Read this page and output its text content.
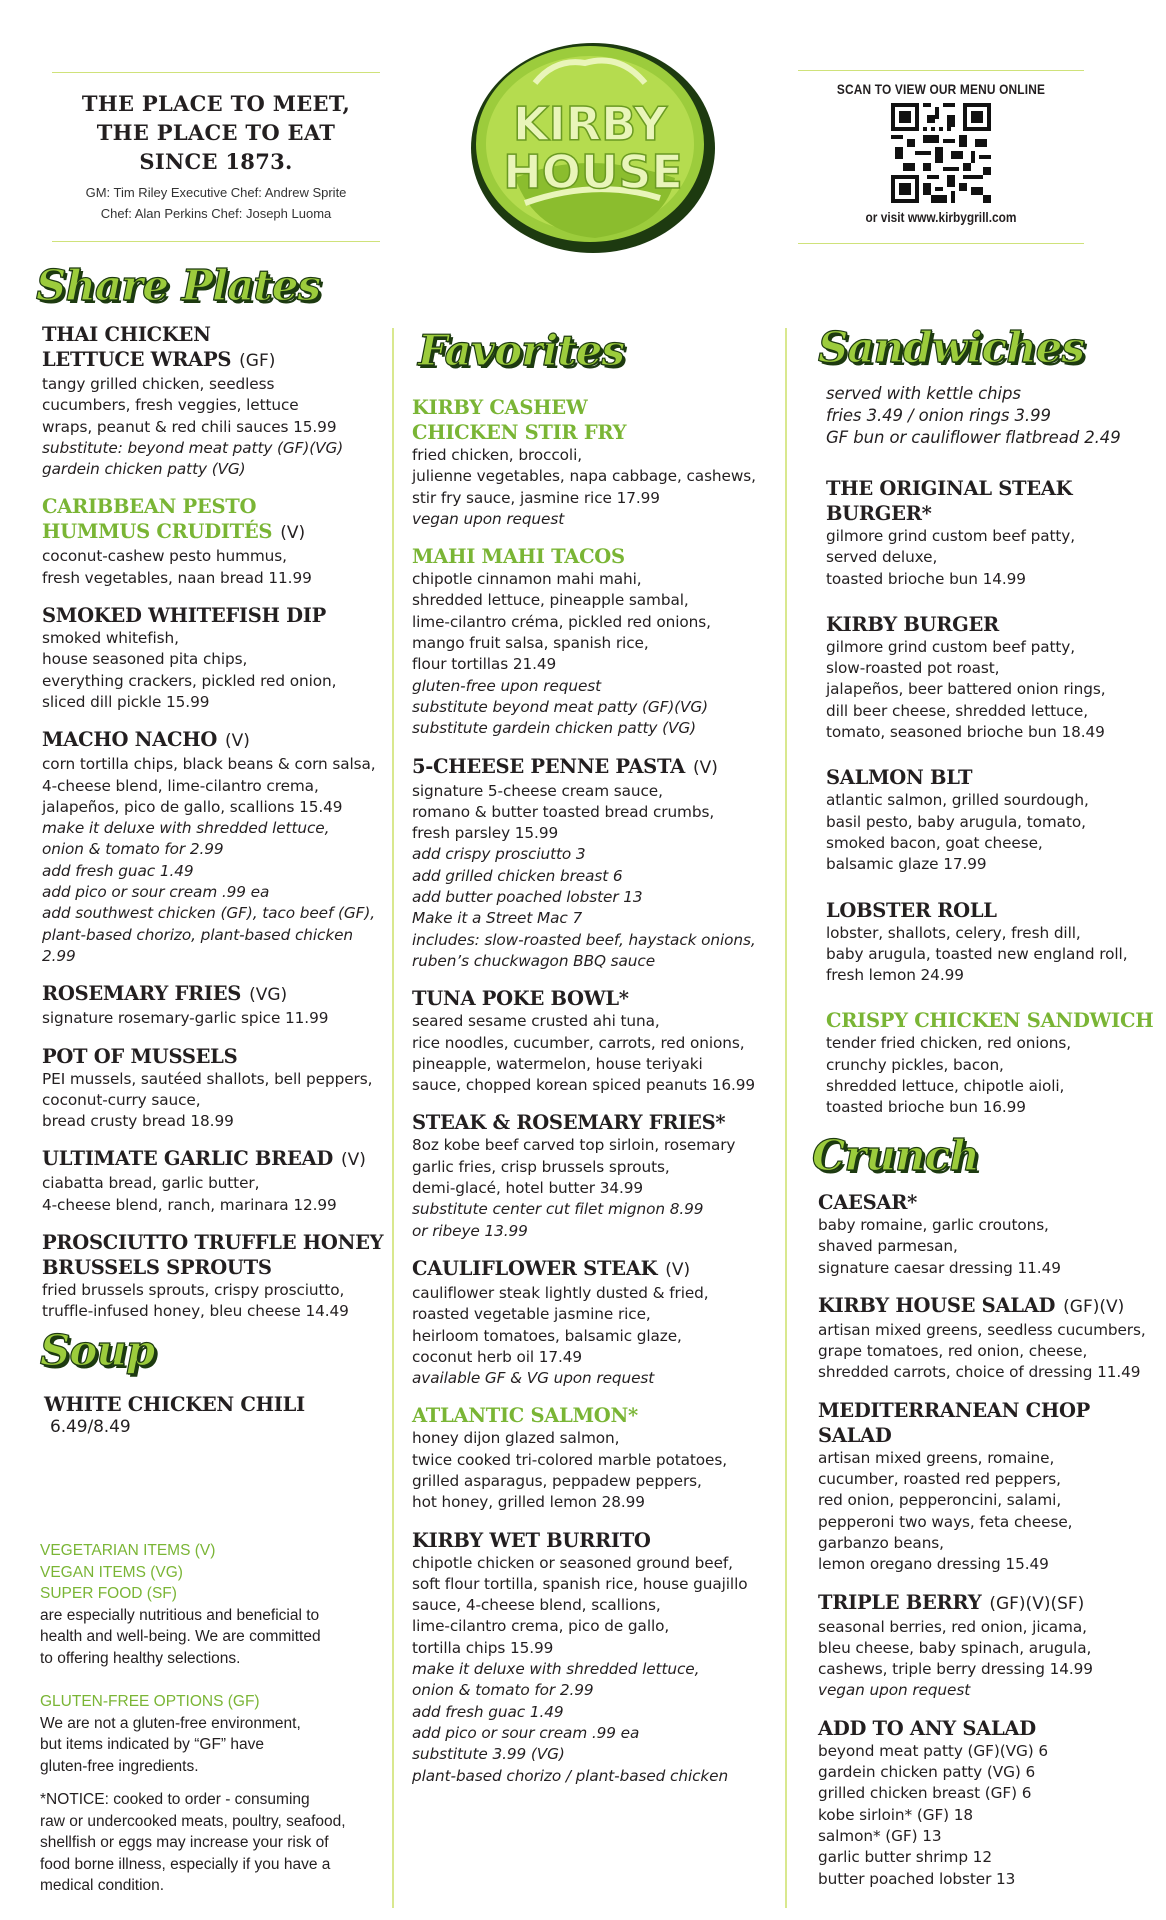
THE PLACE TO MEET,
THE PLACE TO EAT
SINCE 1873.
GM: Tim Riley Executive Chef: Andrew Sprite
Chef: Alan Perkins Chef: Joseph Luoma
KIRBY
HOUSE
SCAN TO VIEW OUR MENU ONLINE
or visit www.kirbygrill.com
Share Plates
THAI CHICKEN
LETTUCE WRAPS (GF)
tangy grilled chicken, seedless
cucumbers, fresh veggies, lettuce
wraps, peanut & red chili sauces 15.99
substitute: beyond meat patty (GF)(VG)
gardein chicken patty (VG)
CARIBBEAN PESTO
HUMMUS CRUDITÉS (V)
coconut-cashew pesto hummus,
fresh vegetables, naan bread 11.99
SMOKED WHITEFISH DIP
smoked whitefish,
house seasoned pita chips,
everything crackers, pickled red onion,
sliced dill pickle 15.99
MACHO NACHO (V)
corn tortilla chips, black beans & corn salsa,
4-cheese blend, lime-cilantro crema,
jalapeños, pico de gallo, scallions 15.49
make it deluxe with shredded lettuce,
onion & tomato for 2.99
add fresh guac 1.49
add pico or sour cream .99 ea
add southwest chicken (GF), taco beef (GF),
plant-based chorizo, plant-based chicken 2.99
ROSEMARY FRIES (VG)
signature rosemary-garlic spice 11.99
POT OF MUSSELS
PEI mussels, sautéed shallots, bell peppers,
coconut-curry sauce,
bread crusty bread 18.99
ULTIMATE GARLIC BREAD (V)
ciabatta bread, garlic butter,
4-cheese blend, ranch, marinara 12.99
PROSCIUTTO TRUFFLE HONEY
BRUSSELS SPROUTS
fried brussels sprouts, crispy prosciutto,
truffle-infused honey, bleu cheese 14.49
Soup
WHITE CHICKEN CHILI 6.49/8.49
VEGETARIAN ITEMS (V)
VEGAN ITEMS (VG)
SUPER FOOD (SF)
are especially nutritious and beneficial to
health and well-being. We are committed
to offering healthy selections.
GLUTEN-FREE OPTIONS (GF)
We are not a gluten-free environment,
but items indicated by “GF” have
gluten-free ingredients.
*NOTICE: cooked to order - consuming
raw or undercooked meats, poultry, seafood,
shellfish or eggs may increase your risk of
food borne illness, especially if you have a
medical condition.
Favorites
KIRBY CASHEW
CHICKEN STIR FRY
fried chicken, broccoli,
julienne vegetables, napa cabbage, cashews,
stir fry sauce, jasmine rice 17.99
vegan upon request
MAHI MAHI TACOS
chipotle cinnamon mahi mahi,
shredded lettuce, pineapple sambal,
lime-cilantro créma, pickled red onions,
mango fruit salsa, spanish rice,
flour tortillas 21.49
gluten-free upon request
substitute beyond meat patty (GF)(VG)
substitute gardein chicken patty (VG)
5-CHEESE PENNE PASTA (V)
signature 5-cheese cream sauce,
romano & butter toasted bread crumbs,
fresh parsley 15.99
add crispy prosciutto 3
add grilled chicken breast 6
add butter poached lobster 13
Make it a Street Mac 7
includes: slow-roasted beef, haystack onions,
ruben’s chuckwagon BBQ sauce
TUNA POKE BOWL*
seared sesame crusted ahi tuna,
rice noodles, cucumber, carrots, red onions,
pineapple, watermelon, house teriyaki
sauce, chopped korean spiced peanuts 16.99
STEAK & ROSEMARY FRIES*
8oz kobe beef carved top sirloin, rosemary
garlic fries, crisp brussels sprouts,
demi-glacé, hotel butter 34.99
substitute center cut filet mignon 8.99
or ribeye 13.99
CAULIFLOWER STEAK (V)
cauliflower steak lightly dusted & fried,
roasted vegetable jasmine rice,
heirloom tomatoes, balsamic glaze,
coconut herb oil 17.49
available GF & VG upon request
ATLANTIC SALMON*
honey dijon glazed salmon,
twice cooked tri-colored marble potatoes,
grilled asparagus, peppadew peppers,
hot honey, grilled lemon 28.99
KIRBY WET BURRITO
chipotle chicken or seasoned ground beef,
soft flour tortilla, spanish rice, house guajillo
sauce, 4-cheese blend, scallions,
lime-cilantro crema, pico de gallo,
tortilla chips 15.99
make it deluxe with shredded lettuce,
onion & tomato for 2.99
add fresh guac 1.49
add pico or sour cream .99 ea
substitute 3.99 (VG)
plant-based chorizo / plant-based chicken
Sandwiches
served with kettle chips
fries 3.49 / onion rings 3.99
GF bun or cauliflower flatbread 2.49
THE ORIGINAL STEAK BURGER*
gilmore grind custom beef patty,
served deluxe,
toasted brioche bun 14.99
KIRBY BURGER
gilmore grind custom beef patty,
slow-roasted pot roast,
jalapeños, beer battered onion rings,
dill beer cheese, shredded lettuce,
tomato, seasoned brioche bun 18.49
SALMON BLT
atlantic salmon, grilled sourdough,
basil pesto, baby arugula, tomato,
smoked bacon, goat cheese,
balsamic glaze 17.99
LOBSTER ROLL
lobster, shallots, celery, fresh dill,
baby arugula, toasted new england roll,
fresh lemon 24.99
CRISPY CHICKEN SANDWICH
tender fried chicken, red onions,
crunchy pickles, bacon,
shredded lettuce, chipotle aioli,
toasted brioche bun 16.99
Crunch
CAESAR*
baby romaine, garlic croutons,
shaved parmesan,
signature caesar dressing 11.49
KIRBY HOUSE SALAD (GF)(V)
artisan mixed greens, seedless cucumbers,
grape tomatoes, red onion, cheese,
shredded carrots, choice of dressing 11.49
MEDITERRANEAN CHOP SALAD
artisan mixed greens, romaine,
cucumber, roasted red peppers,
red onion, pepperoncini, salami,
pepperoni two ways, feta cheese,
garbanzo beans,
lemon oregano dressing 15.49
TRIPLE BERRY (GF)(V)(SF)
seasonal berries, red onion, jicama,
bleu cheese, baby spinach, arugula,
cashews, triple berry dressing 14.99
vegan upon request
ADD TO ANY SALAD
beyond meat patty (GF)(VG) 6
gardein chicken patty (VG) 6
grilled chicken breast (GF) 6
kobe sirloin* (GF) 18
salmon* (GF) 13
garlic butter shrimp 12
butter poached lobster 13
